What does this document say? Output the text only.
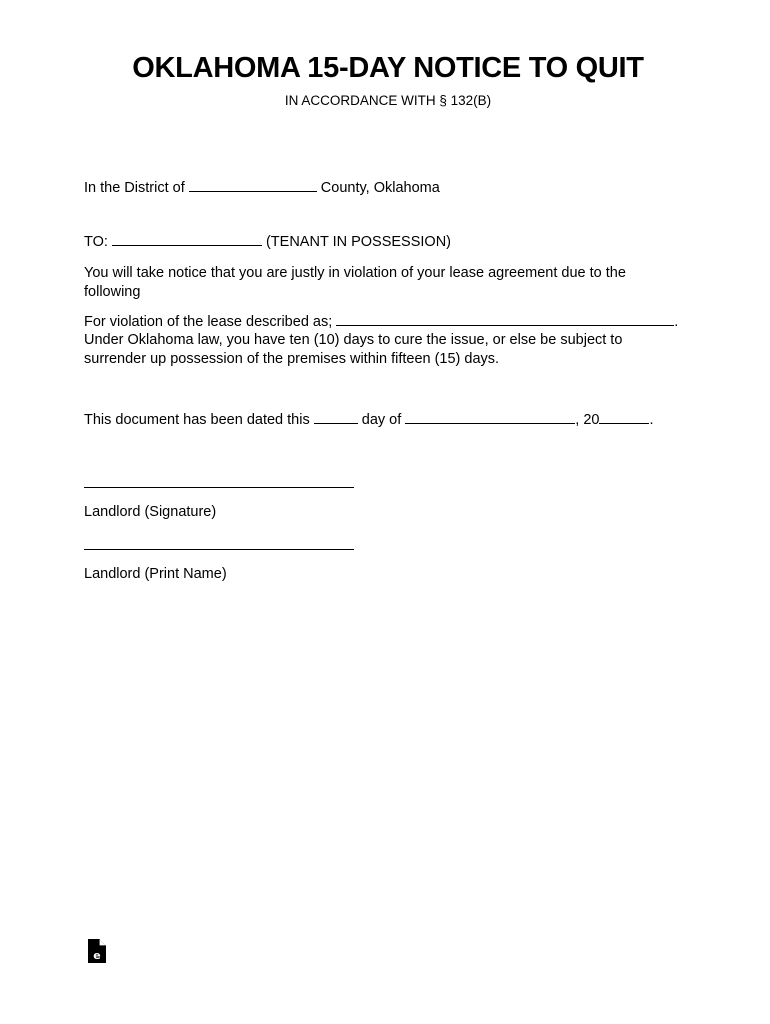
OKLAHOMA 15-DAY NOTICE TO QUIT

IN ACCORDANCE WITH § 132(B)

In the District of	County, Oklahoma

TO:	(TENANT IN POSSESSION)

You will take notice that you are justly in violation of your lease agreement due to the following

For violation of the lease described as;	.

Under Oklahoma law, you have ten (10) days to cure the issue, or else be subject to surrender up possession of the premises within fifteen (15) days.

This document has been dated this	day of	, 20	.

Landlord (Signature)

Landlord (Print Name)

e
